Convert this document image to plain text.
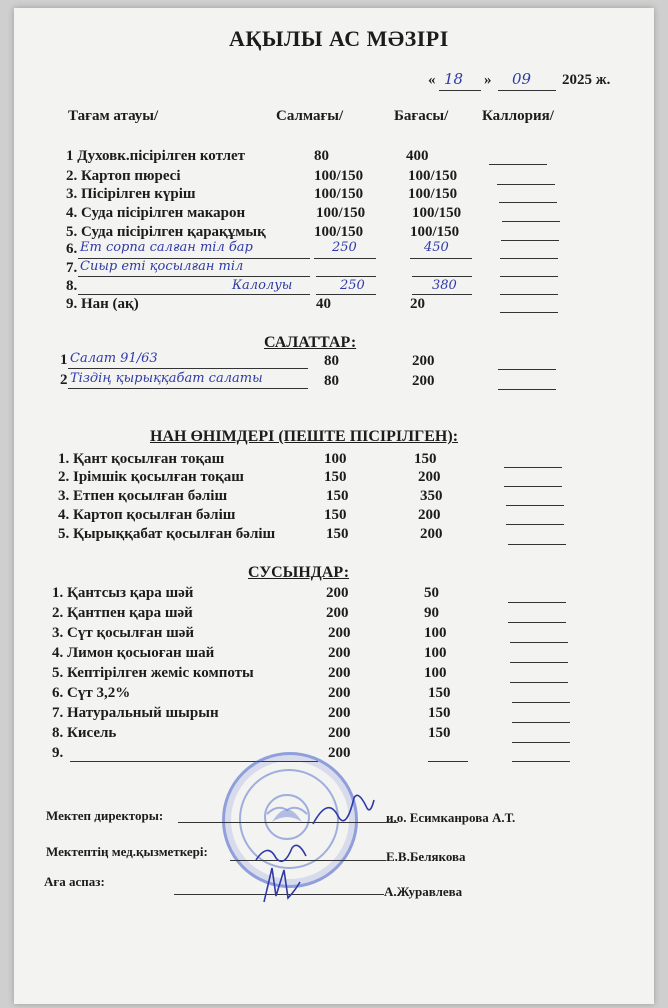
АҚЫЛЫ АС МӘЗІРІ
« 18 » 09 2025 ж.
Тағам атауы/	Салмағы/	Бағасы/ Каллория/
1 Духовк.пісірілген котлет	80	400
2. Картоп пюресі	100/150	100/150
3. Пісірілген күріш	100/150	100/150
4. Суда пісірілген макарон	100/150	100/150
5. Суда пісірілген қарақұмық	100/150	100/150
6. Ет сорпа салған тіл бар	250	450
7. Сиыр еті қосылған тіл
8.	Калолуы	250	380
9. Нан (ақ)	40	20
САЛАТТАР:
1 Салат 91/63	80	200
2 Тіздің қырыққабат салаты	80	200
НАН ӨНІМДЕРІ (ПЕШТЕ ПІСІРІЛГЕН):
1. Қант қосылған тоқаш	100	150
2. Ірімшік қосылған тоқаш	150	200
3. Етпен қосылған бәліш	150	350
4. Картоп қосылған бәліш	150	200
5. Қырыққабат қосылған бәліш	150	200
СУСЫНДАР:
1. Қантсыз қара шәй	200	50
2. Қантпен қара шәй	200	90
3. Сүт қосылған шәй	200	100
4. Лимон қосыоған шай	200	100
5. Кептірілген жеміс компоты	200	100
6. Сүт 3,2%	200	150
7. Натуральный шырын	200	150
8. Кисель	200	150
9.	200
Мектеп директоры:	и.о. Есимканрова А.Т.
Мектептің мед.қызметкері:	Е.В.Белякова
Аға аспаз:
А.Журавлева
